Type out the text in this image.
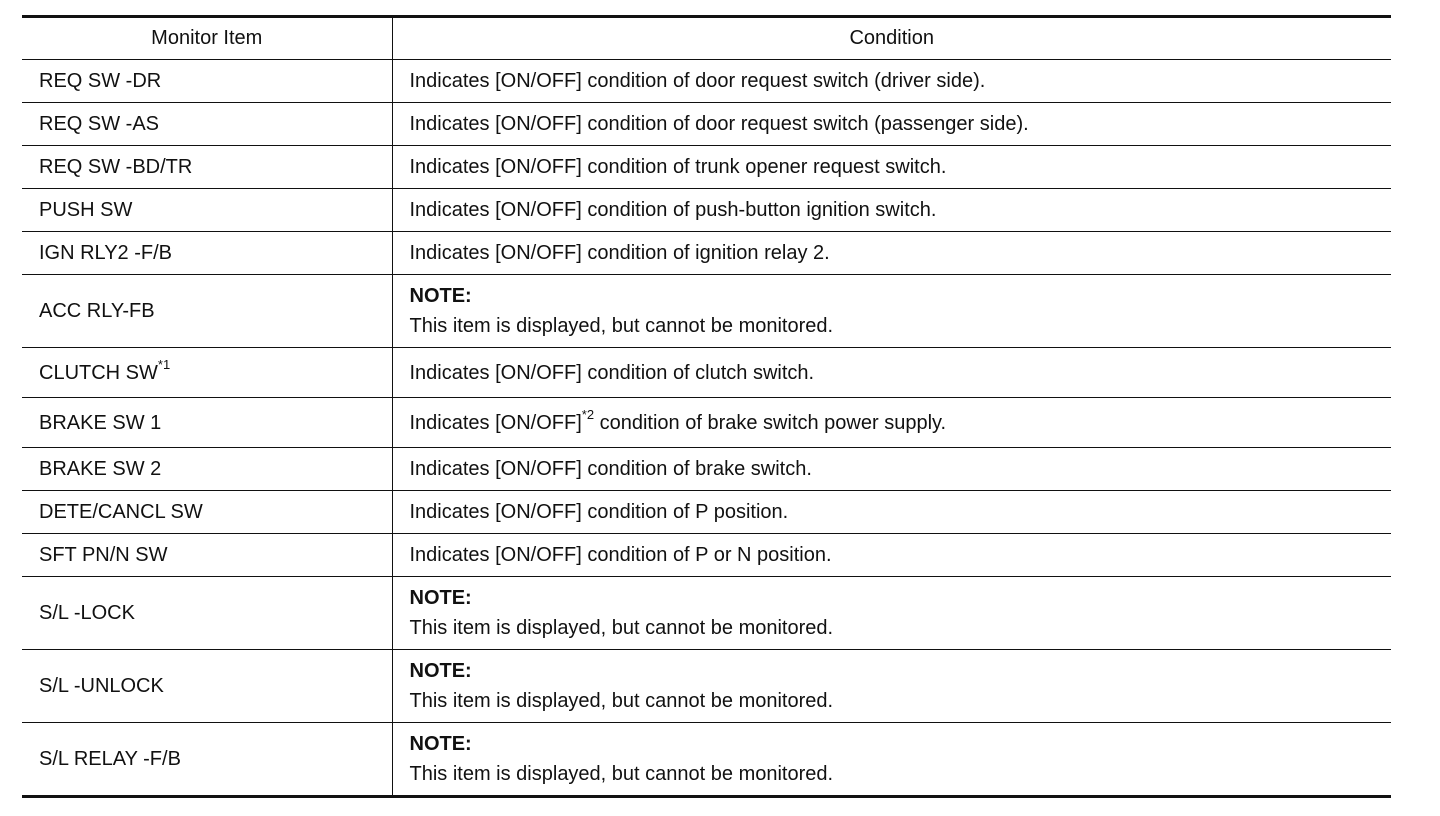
Monitor Item	Condition
REQ SW -DR	Indicates [ON/OFF] condition of door request switch (driver side).
REQ SW -AS	Indicates [ON/OFF] condition of door request switch (passenger side).
REQ SW -BD/TR	Indicates [ON/OFF] condition of trunk opener request switch.
PUSH SW	Indicates [ON/OFF] condition of push-button ignition switch.
IGN RLY2 -F/B	Indicates [ON/OFF] condition of ignition relay 2.
ACC RLY-FB	NOTE:
This item is displayed, but cannot be monitored.

CLUTCH SW$^{*1}$	Indicates [ON/OFF] condition of clutch switch.
BRAKE SW 1	Indicates $[ON/OFF]^{*2}$ condition of brake switch power supply.
BRAKE SW 2	Indicates [ON/OFF] condition of brake switch.
DETE/CANCL SW	Indicates [ON/OFF] condition of P position.
SFT PN/N SW	Indicates [ON/OFF] condition of P or N position.
S/L -LOCK	NOTE:
This item is displayed, but cannot be monitored.

S/L -UNLOCK	NOTE:
This item is displayed, but cannot be monitored.

S/L RELAY -F/B	NOTE:
This item is displayed, but cannot be monitored.
